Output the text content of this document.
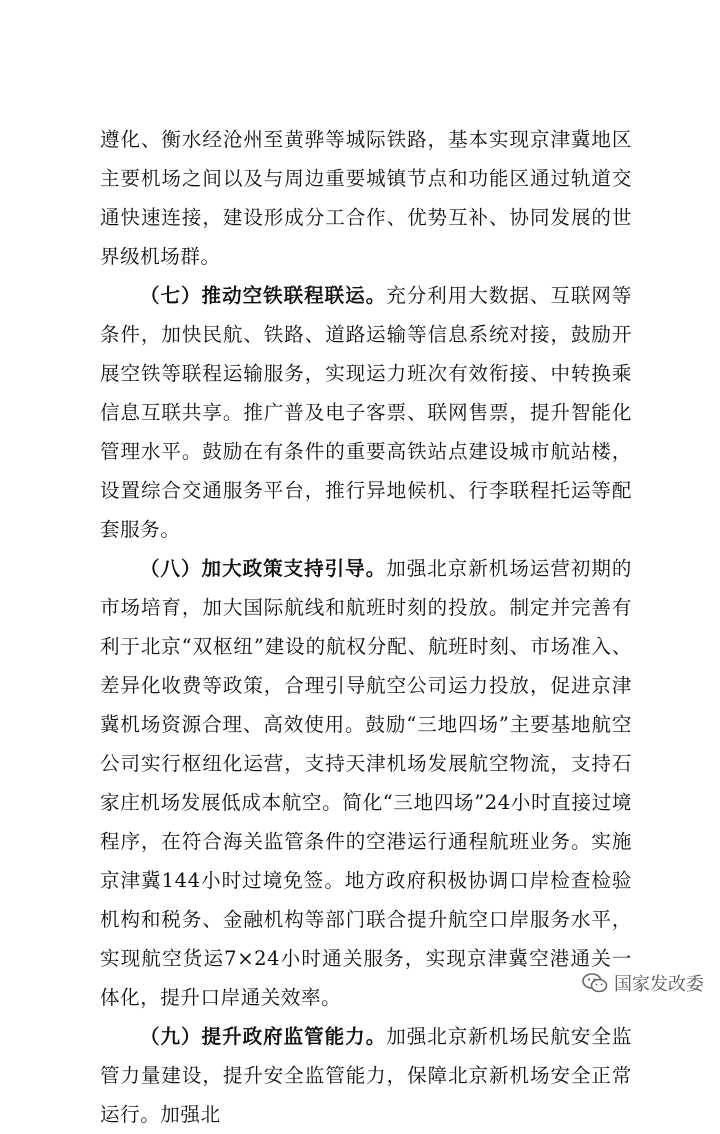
遵化、衡水经沧州至黄骅等城际铁路，基本实现京津冀地区主要机场之间以及与周边重要城镇节点和功能区通过轨道交通快速连接，建设形成分工合作、优势互补、协同发展的世界级机场群。

（七）推动空铁联程联运。充分利用大数据、互联网等条件，加快民航、铁路、道路运输等信息系统对接，鼓励开展空铁等联程运输服务，实现运力班次有效衔接、中转换乘信息互联共享。推广普及电子客票、联网售票，提升智能化管理水平。鼓励在有条件的重要高铁站点建设城市航站楼，设置综合交通服务平台，推行异地候机、行李联程托运等配套服务。

（八）加大政策支持引导。加强北京新机场运营初期的市场培育，加大国际航线和航班时刻的投放。制定并完善有利于北京“双枢纽”建设的航权分配、航班时刻、市场准入、差异化收费等政策，合理引导航空公司运力投放，促进京津冀机场资源合理、高效使用。鼓励“三地四场”主要基地航空公司实行枢纽化运营，支持天津机场发展航空物流，支持石家庄机场发展低成本航空。简化“三地四场”24小时直接过境程序，在符合海关监管条件的空港运行通程航班业务。实施京津冀144小时过境免签。地方政府积极协调口岸检查检验机构和税务、金融机构等部门联合提升航空口岸服务水平，实现航空货运7×24小时通关服务，实现京津冀空港通关一体化，提升口岸通关效率。

（九）提升政府监管能力。加强北京新机场民航安全监管力量建设，提升安全监管能力，保障北京新机场安全正常运行。加强北

国家发改委
